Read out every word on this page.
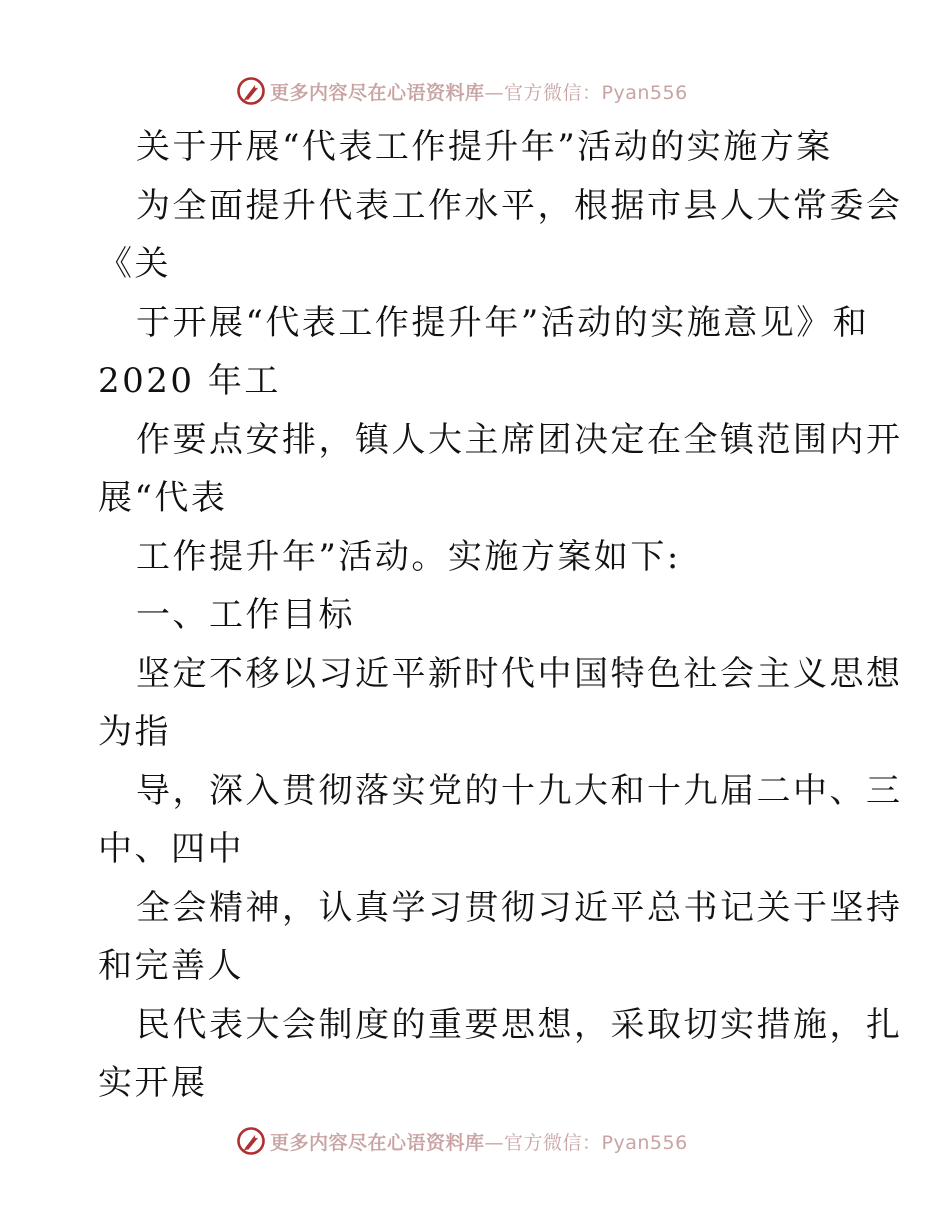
更多内容尽在心语资料库 —官方微信：Pyan556
关于开展“代表工作提升年”活动的实施方案
为全面提升代表工作水平，根据市县人大常委会
《关
于开展“代表工作提升年”活动的实施意见》和
2020 年工
作要点安排，镇人大主席团决定在全镇范围内开
展“代表
工作提升年”活动。实施方案如下:
一、工作目标
坚定不移以习近平新时代中国特色社会主义思想
为指
导，深入贯彻落实党的十九大和十九届二中、三
中、四中
全会精神，认真学习贯彻习近平总书记关于坚持
和完善人
民代表大会制度的重要思想，采取切实措施，扎
实开展
更多内容尽在心语资料库 —官方微信：Pyan556
